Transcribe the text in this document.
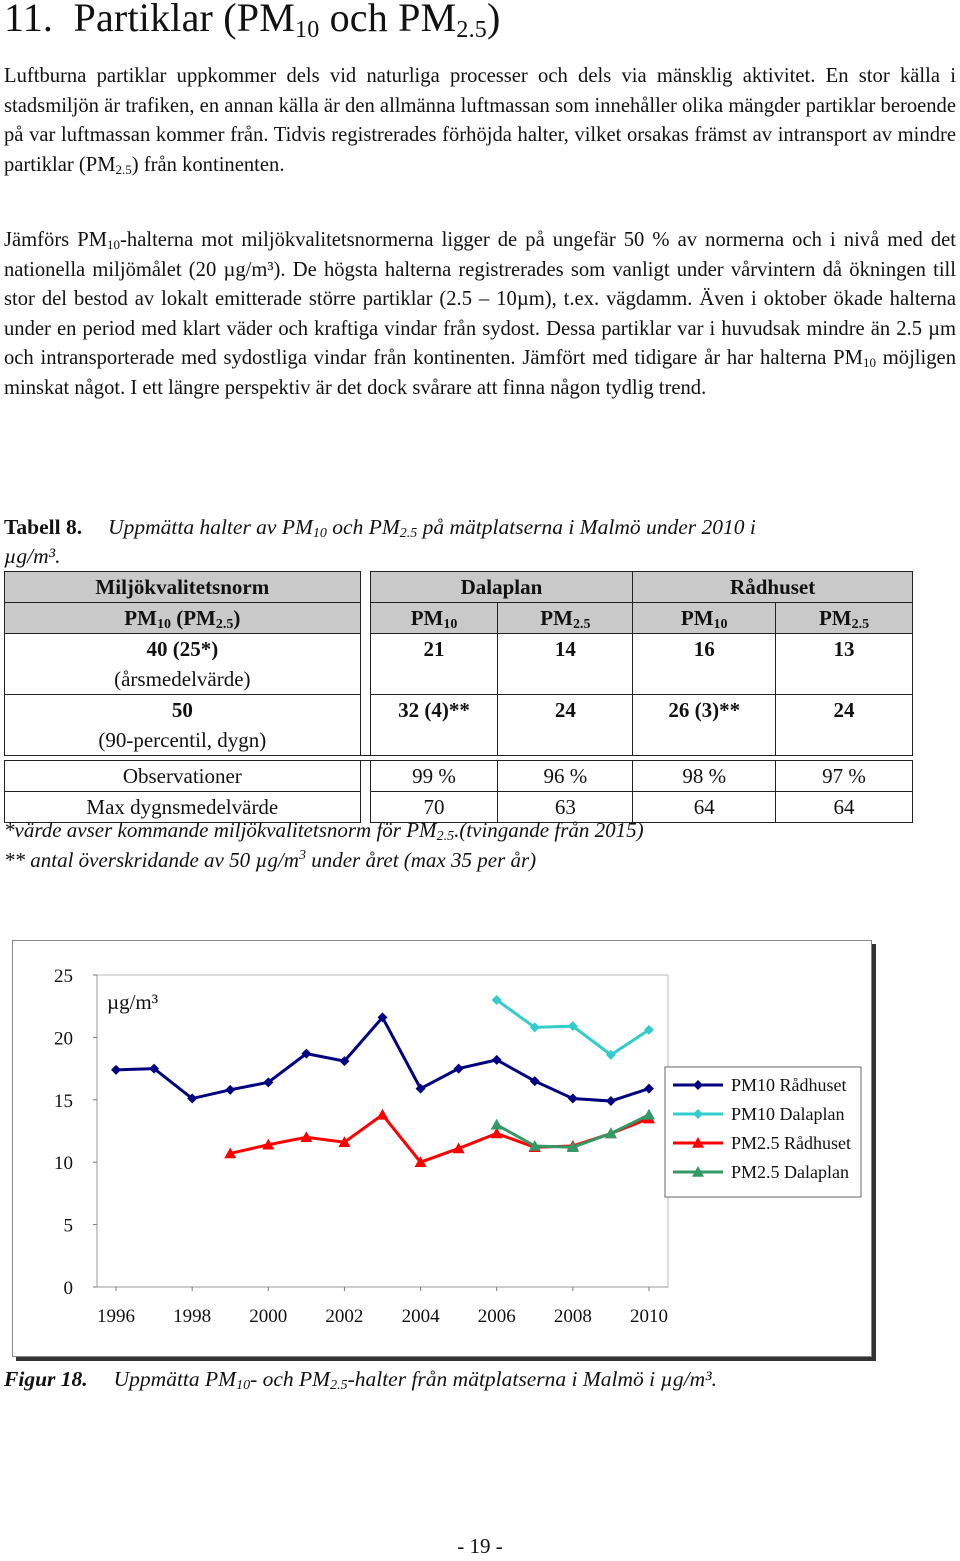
11. Partiklar ($PM_{10}$ och $PM_{2.5}$)

Luftburna partiklar uppkommer dels vid naturliga processer och dels via mänsklig aktivitet. En stor källa i stadsmiljön är trafiken, en annan källa är den allmänna luftmassan som innehåller olika mängder partiklar beroende på var luftmassan kommer från. Tidvis registrerades förhöjda halter, vilket orsakas främst av intransport av mindre partiklar $(PM_{2.5})$ från kontinenten.

Jämförs $PM_{10}$-halterna mot miljökvalitetsnormerna ligger de på ungefär 50 % av normerna och i nivå med det nationella miljömålet (20 µg/m³). De högsta halterna registrerades som vanligt under vårvintern då ökningen till stor del bestod av lokalt emitterade större partiklar (2.5 – 10µm), t.ex. vägdamm. Även i oktober ökade halterna under en period med klart väder och kraftiga vindar från sydost. Dessa partiklar var i huvudsak mindre än 2.5 µm och intransporterade med sydostliga vindar från kontinenten. Jämfört med tidigare år har halterna $PM_{10}$ möjligen minskat något. I ett längre perspektiv är det dock svårare att finna någon tydlig trend.

Tabell 8. Uppmätta halter av $PM_{10}$ och $PM_{2.5}$ på mätplatserna i Malmö under 2010 i
µg/m³.
Miljökvalitetsnorm		Dalaplan		Rådhuset	
$PM_{10}$ $(PM_{2.5})$		$PM_{10}$	$PM_{2.5}$	$PM_{10}$	$PM_{2.5}$
40 (25*)		21	14	16	13
(årsmedelvärde)					
50		32 (4)**	24	26 (3)**	24
(90-percentil, dygn)					

Observationer		99 %	96 %	98 %	97 %
Max dygnsmedelvärde		70	63	64	64
*värde avser kommande miljökvalitetsnorm för $PM_{2.5}.(tvingande$ från 2015)
** antal överskridande av 50 $\mu g/m^3$ under året (max 35 per år)
0
5
10
15
20
25
1996 1998 2000 2002 2004 2006 2008 2010
PM10 Rådhuset
PM10 Dalaplan
PM2.5 Rådhuset
PM2.5 Dalaplan
µg/m³
Figur 18. Uppmätta $PM_{10}-$ och $PM_{2.5}$-halter från mätplatserna i Malmö i µg/m³.
- 19 -
